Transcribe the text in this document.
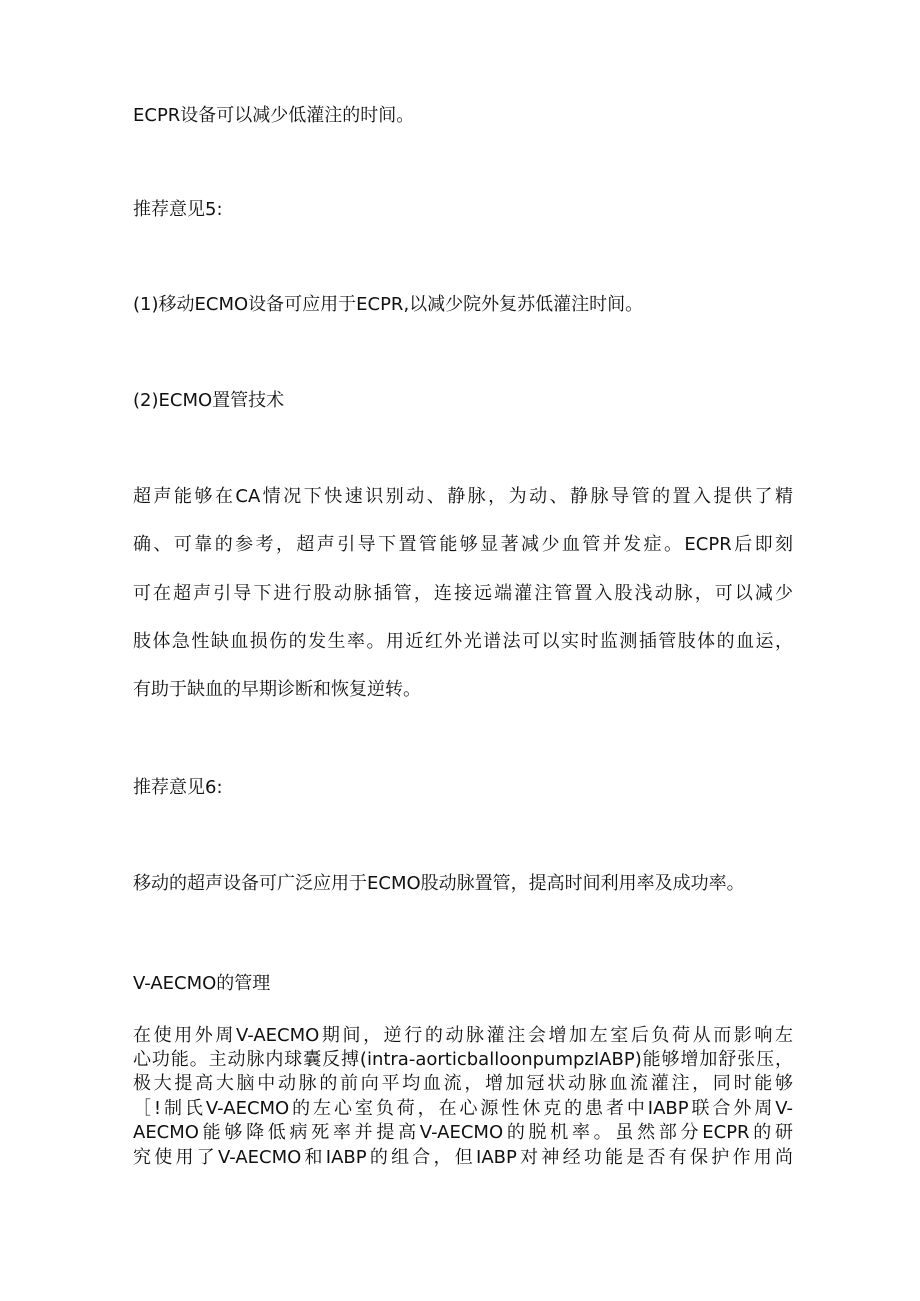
ECPR设备可以减少低灌注的时间。
推荐意见5:
(1)移动ECMO设备可应用于ECPR,以减少院外复苏低灌注时间。
(2)ECMO置管技术
超声能够在CA情况下快速识别动、静脉，为动、静脉导管的置入提供了精
确、可靠的参考，超声引导下置管能够显著减少血管并发症。ECPR后即刻
可在超声引导下进行股动脉插管，连接远端灌注管置入股浅动脉，可以减少
肢体急性缺血损伤的发生率。用近红外光谱法可以实时监测插管肢体的血运，
有助于缺血的早期诊断和恢复逆转。
推荐意见6:
移动的超声设备可广泛应用于ECMO股动脉置管，提高时间利用率及成功率。
V-AECMO的管理
在使用外周V-AECMO期间，逆行的动脉灌注会增加左室后负荷从而影响左
心功能。主动脉内球囊反搏(intra-aorticballoonpumpzIABP)能够增加舒张压，
极大提高大脑中动脉的前向平均血流，增加冠状动脉血流灌注，同时能够
［!制氏V-AECMO的左心室负荷，在心源性休克的患者中IABP联合外周V-
AECMO能够降低病死率并提高V-AECMO的脱机率。虽然部分ECPR的研
究使用了V-AECMO和IABP的组合，但IABP对神经功能是否有保护作用尚
